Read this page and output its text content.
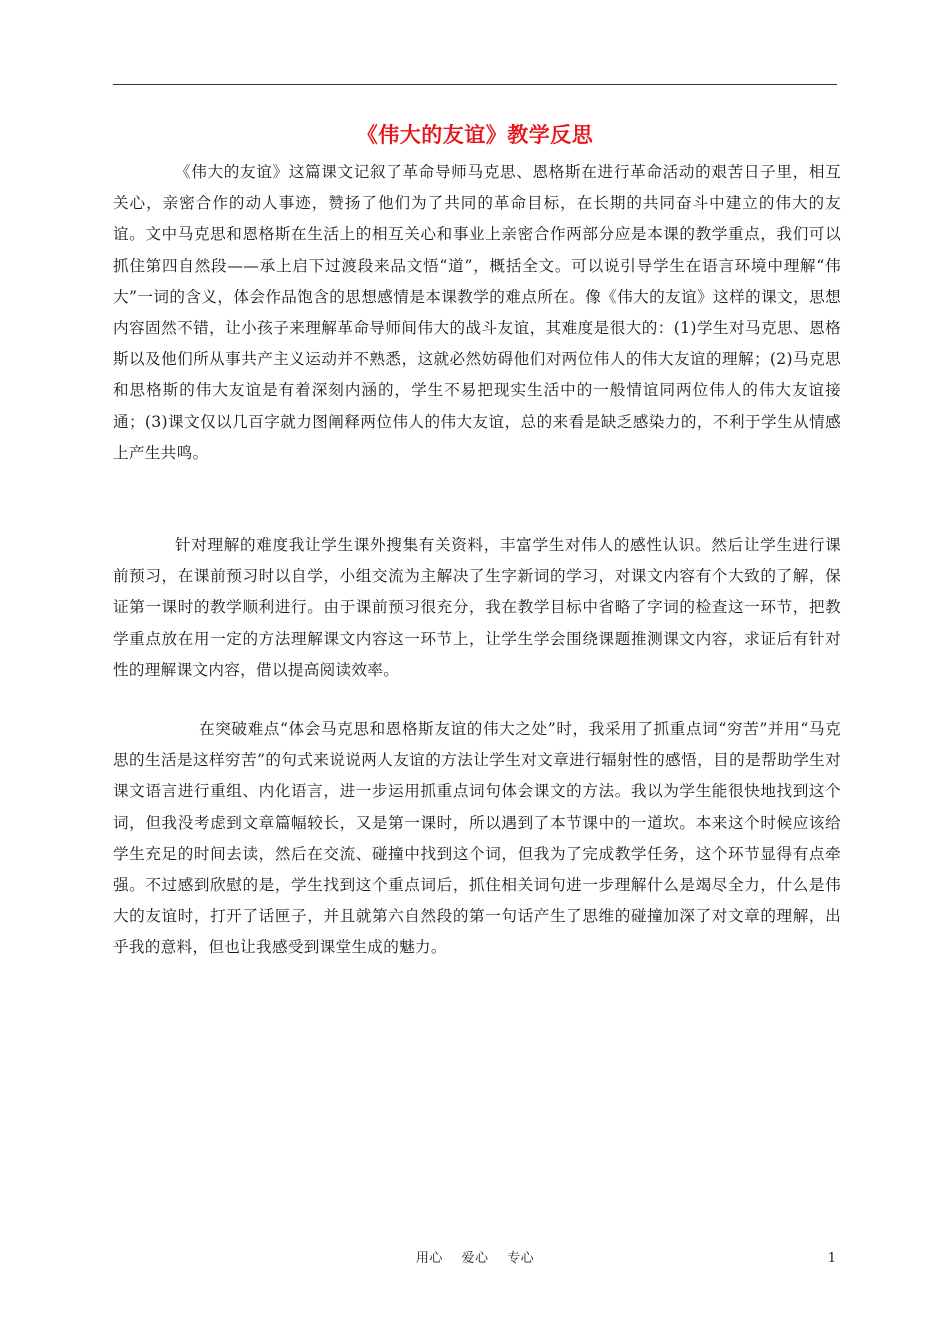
《伟大的友谊》教学反思

《伟大的友谊》这篇课文记叙了革命导师马克思、恩格斯在进行革命活动的艰苦日子里，相互关心，亲密合作的动人事迹，赞扬了他们为了共同的革命目标，在长期的共同奋斗中建立的伟大的友谊。文中马克思和恩格斯在生活上的相互关心和事业上亲密合作两部分应是本课的教学重点，我们可以抓住第四自然段——承上启下过渡段来品文悟“道”，概括全文。可以说引导学生在语言环境中理解“伟大”一词的含义，体会作品饱含的思想感情是本课教学的难点所在。像《伟大的友谊》这样的课文，思想内容固然不错，让小孩子来理解革命导师间伟大的战斗友谊，其难度是很大的：(1)学生对马克思、恩格斯以及他们所从事共产主义运动并不熟悉，这就必然妨碍他们对两位伟人的伟大友谊的理解；(2)马克思和思格斯的伟大友谊是有着深刻内涵的，学生不易把现实生活中的一般情谊同两位伟人的伟大友谊接通；(3)课文仅以几百字就力图阐释两位伟人的伟大友谊，总的来看是缺乏感染力的，不利于学生从情感上产生共鸣。

针对理解的难度我让学生课外搜集有关资料，丰富学生对伟人的感性认识。然后让学生进行课前预习，在课前预习时以自学，小组交流为主解决了生字新词的学习，对课文内容有个大致的了解，保证第一课时的教学顺利进行。由于课前预习很充分，我在教学目标中省略了字词的检查这一环节，把教学重点放在用一定的方法理解课文内容这一环节上，让学生学会围绕课题推测课文内容，求证后有针对性的理解课文内容，借以提高阅读效率。

在突破难点“体会马克思和恩格斯友谊的伟大之处”时，我采用了抓重点词“穷苦”并用“马克思的生活是这样穷苦”的句式来说说两人友谊的方法让学生对文章进行辐射性的感悟，目的是帮助学生对课文语言进行重组、内化语言，进一步运用抓重点词句体会课文的方法。我以为学生能很快地找到这个词，但我没考虑到文章篇幅较长，又是第一课时，所以遇到了本节课中的一道坎。本来这个时候应该给学生充足的时间去读，然后在交流、碰撞中找到这个词，但我为了完成教学任务，这个环节显得有点牵强。不过感到欣慰的是，学生找到这个重点词后，抓住相关词句进一步理解什么是竭尽全力，什么是伟大的友谊时，打开了话匣子，并且就第六自然段的第一句话产生了思维的碰撞加深了对文章的理解，出乎我的意料，但也让我感受到课堂生成的魅力。

用心 爱心 专心	1
